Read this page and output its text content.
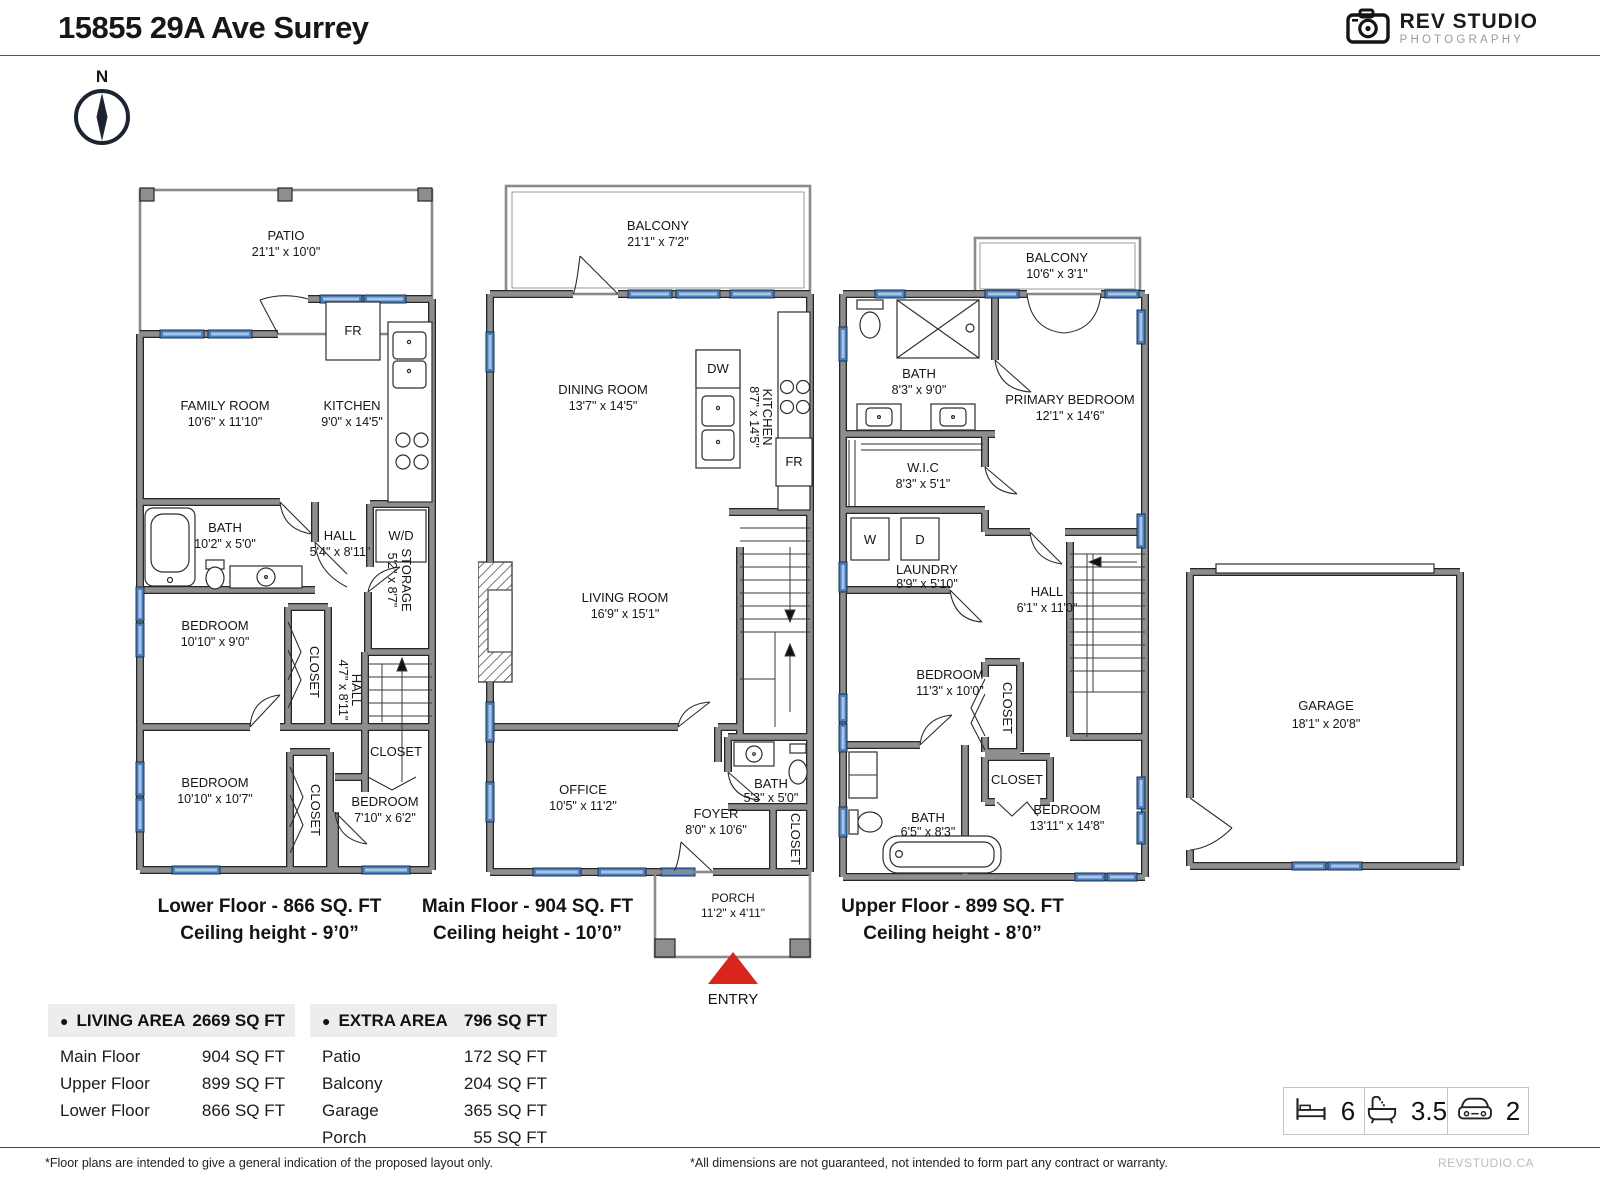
15855 29A Ave Surrey	REV STUDIO
PHOTOGRAPHY
N
PATIO
21'1" x 10'0"
FAMILY ROOM
10'6" x 11'10"
KITCHEN
9'0" x 14'5"
FR
W/D
BATH
10'2" x 5'0"
HALL
5'4" x 8'11" STORAGE
5'2" x 8'7"
BEDROOM
10'10" x 9'0"
CLOSET HALL
4'7" x 8'11"
BEDROOM
10'10" x 10'7"	CLOSET
CLOSET
BEDROOM
7'10" x 6'2"
BALCONY
21'1" x 7'2"
DINING ROOM
13'7" x 14'5"	KITCHEN
8'7" x 14'5"
DW
FR
LIVING ROOM
16'9" x 15'1"
OFFICE
10'5" x 11'2"
BATH
5'3" x 5'0"
FOYER
8'0" x 10'6"	CLOSET
PORCH
11'2" x 4'11"
ENTRY
BALCONY
10'6" x 3'1"
BATH
8'3" x 9'0"
PRIMARY BEDROOM
12'1" x 14'6"
W.I.C
8'3" x 5'1"
W	D
LAUNDRY
8'9" x 5'10"	HALL
6'1" x 11'0"
BEDROOM
11'3" x 10'0" CLOSET
CLOSET
BATH
6'5" x 8'3"
BEDROOM
13'11" x 14'8"
GARAGE
18'1" x 20'8"
Lower Floor - 866 SQ. FT
Ceiling height - 9’0”
Main Floor - 904 SQ. FT
Ceiling height - 10’0”
Upper Floor - 899 SQ. FT
Ceiling height - 8’0”
● LIVING AREA 2669 SQ FT
Main Floor	904 SQ FT
Upper Floor	899 SQ FT
Lower Floor	866 SQ FT
● EXTRA AREA 796 SQ FT
Patio	172 SQ FT
Balcony	204 SQ FT
Garage	365 SQ FT
Porch	55 SQ FT
6 3.5 2
*Floor plans are intended to give a general indication of the proposed layout only.	*All dimensions are not guaranteed, not intended to form part any contract or warranty.	REVSTUDIO.CA
